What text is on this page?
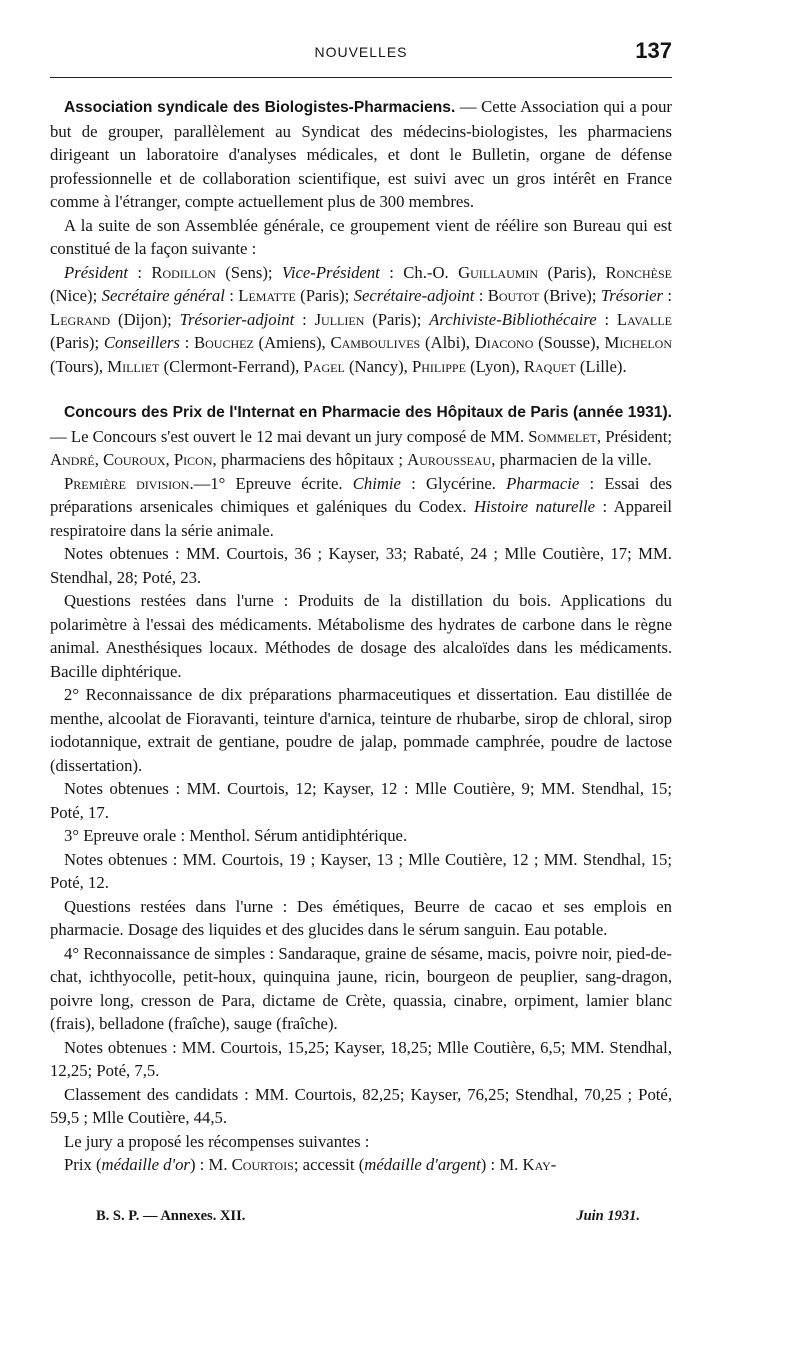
NOUVELLES	137

Association syndicale des Biologistes-Pharmaciens. — Cette Association qui a pour but de grouper, parallèlement au Syndicat des médecins-biologistes, les pharmaciens dirigeant un laboratoire d'analyses médicales, et dont le Bulletin, organe de défense professionnelle et de collaboration scientifique, est suivi avec un gros intérêt en France comme à l'étranger, compte actuellement plus de 300 membres.

A la suite de son Assemblée générale, ce groupement vient de réélire son Bureau qui est constitué de la façon suivante :

Président : Rodillon (Sens); Vice-Président : Ch.-O. Guillaumin (Paris), Ronchèse (Nice); Secrétaire général : Lematte (Paris); Secrétaire-adjoint : Boutot (Brive); Trésorier : Legrand (Dijon); Trésorier-adjoint : Jullien (Paris); Archiviste-Bibliothécaire : Lavalle (Paris); Conseillers : Bouchez (Amiens), Camboulives (Albi), Diacono (Sousse), Michelon (Tours), Milliet (Clermont-Ferrand), Pagel (Nancy), Philippe (Lyon), Raquet (Lille).

Concours des Prix de l'Internat en Pharmacie des Hôpitaux de Paris (année 1931). — Le Concours s'est ouvert le 12 mai devant un jury composé de MM. Sommelet, Président; André, Couroux, Picon, pharmaciens des hôpitaux ; Aurousseau, pharmacien de la ville.

Première division.—1° Epreuve écrite. Chimie : Glycérine. Pharmacie : Essai des préparations arsenicales chimiques et galéniques du Codex. Histoire naturelle : Appareil respiratoire dans la série animale.

Notes obtenues : MM. Courtois, 36 ; Kayser, 33; Rabaté, 24 ; Mlle Coutière, 17; MM. Stendhal, 28; Poté, 23.

Questions restées dans l'urne : Produits de la distillation du bois. Applications du polarimètre à l'essai des médicaments. Métabolisme des hydrates de carbone dans le règne animal. Anesthésiques locaux. Méthodes de dosage des alcaloïdes dans les médicaments. Bacille diphtérique.

2° Reconnaissance de dix préparations pharmaceutiques et dissertation. Eau distillée de menthe, alcoolat de Fioravanti, teinture d'arnica, teinture de rhubarbe, sirop de chloral, sirop iodotannique, extrait de gentiane, poudre de jalap, pommade camphrée, poudre de lactose (dissertation).

Notes obtenues : MM. Courtois, 12; Kayser, 12 : Mlle Coutière, 9; MM. Stendhal, 15; Poté, 17.

3° Epreuve orale : Menthol. Sérum antidiphtérique.

Notes obtenues : MM. Courtois, 19 ; Kayser, 13 ; Mlle Coutière, 12 ; MM. Stendhal, 15; Poté, 12.

Questions restées dans l'urne : Des émétiques, Beurre de cacao et ses emplois en pharmacie. Dosage des liquides et des glucides dans le sérum sanguin. Eau potable.

4° Reconnaissance de simples : Sandaraque, graine de sésame, macis, poivre noir, pied-de-chat, ichthyocolle, petit-houx, quinquina jaune, ricin, bourgeon de peuplier, sang-dragon, poivre long, cresson de Para, dictame de Crète, quassia, cinabre, orpiment, lamier blanc (frais), belladone (fraîche), sauge (fraîche).

Notes obtenues : MM. Courtois, 15,25; Kayser, 18,25; Mlle Coutière, 6,5; MM. Stendhal, 12,25; Poté, 7,5.

Classement des candidats : MM. Courtois, 82,25; Kayser, 76,25; Stendhal, 70,25 ; Poté, 59,5 ; Mlle Coutière, 44,5.

Le jury a proposé les récompenses suivantes :

Prix (médaille d'or) : M. Courtois; accessit (médaille d'argent) : M. Kay-

B. S. P. — Annexes. XII.	Juin 1931.
